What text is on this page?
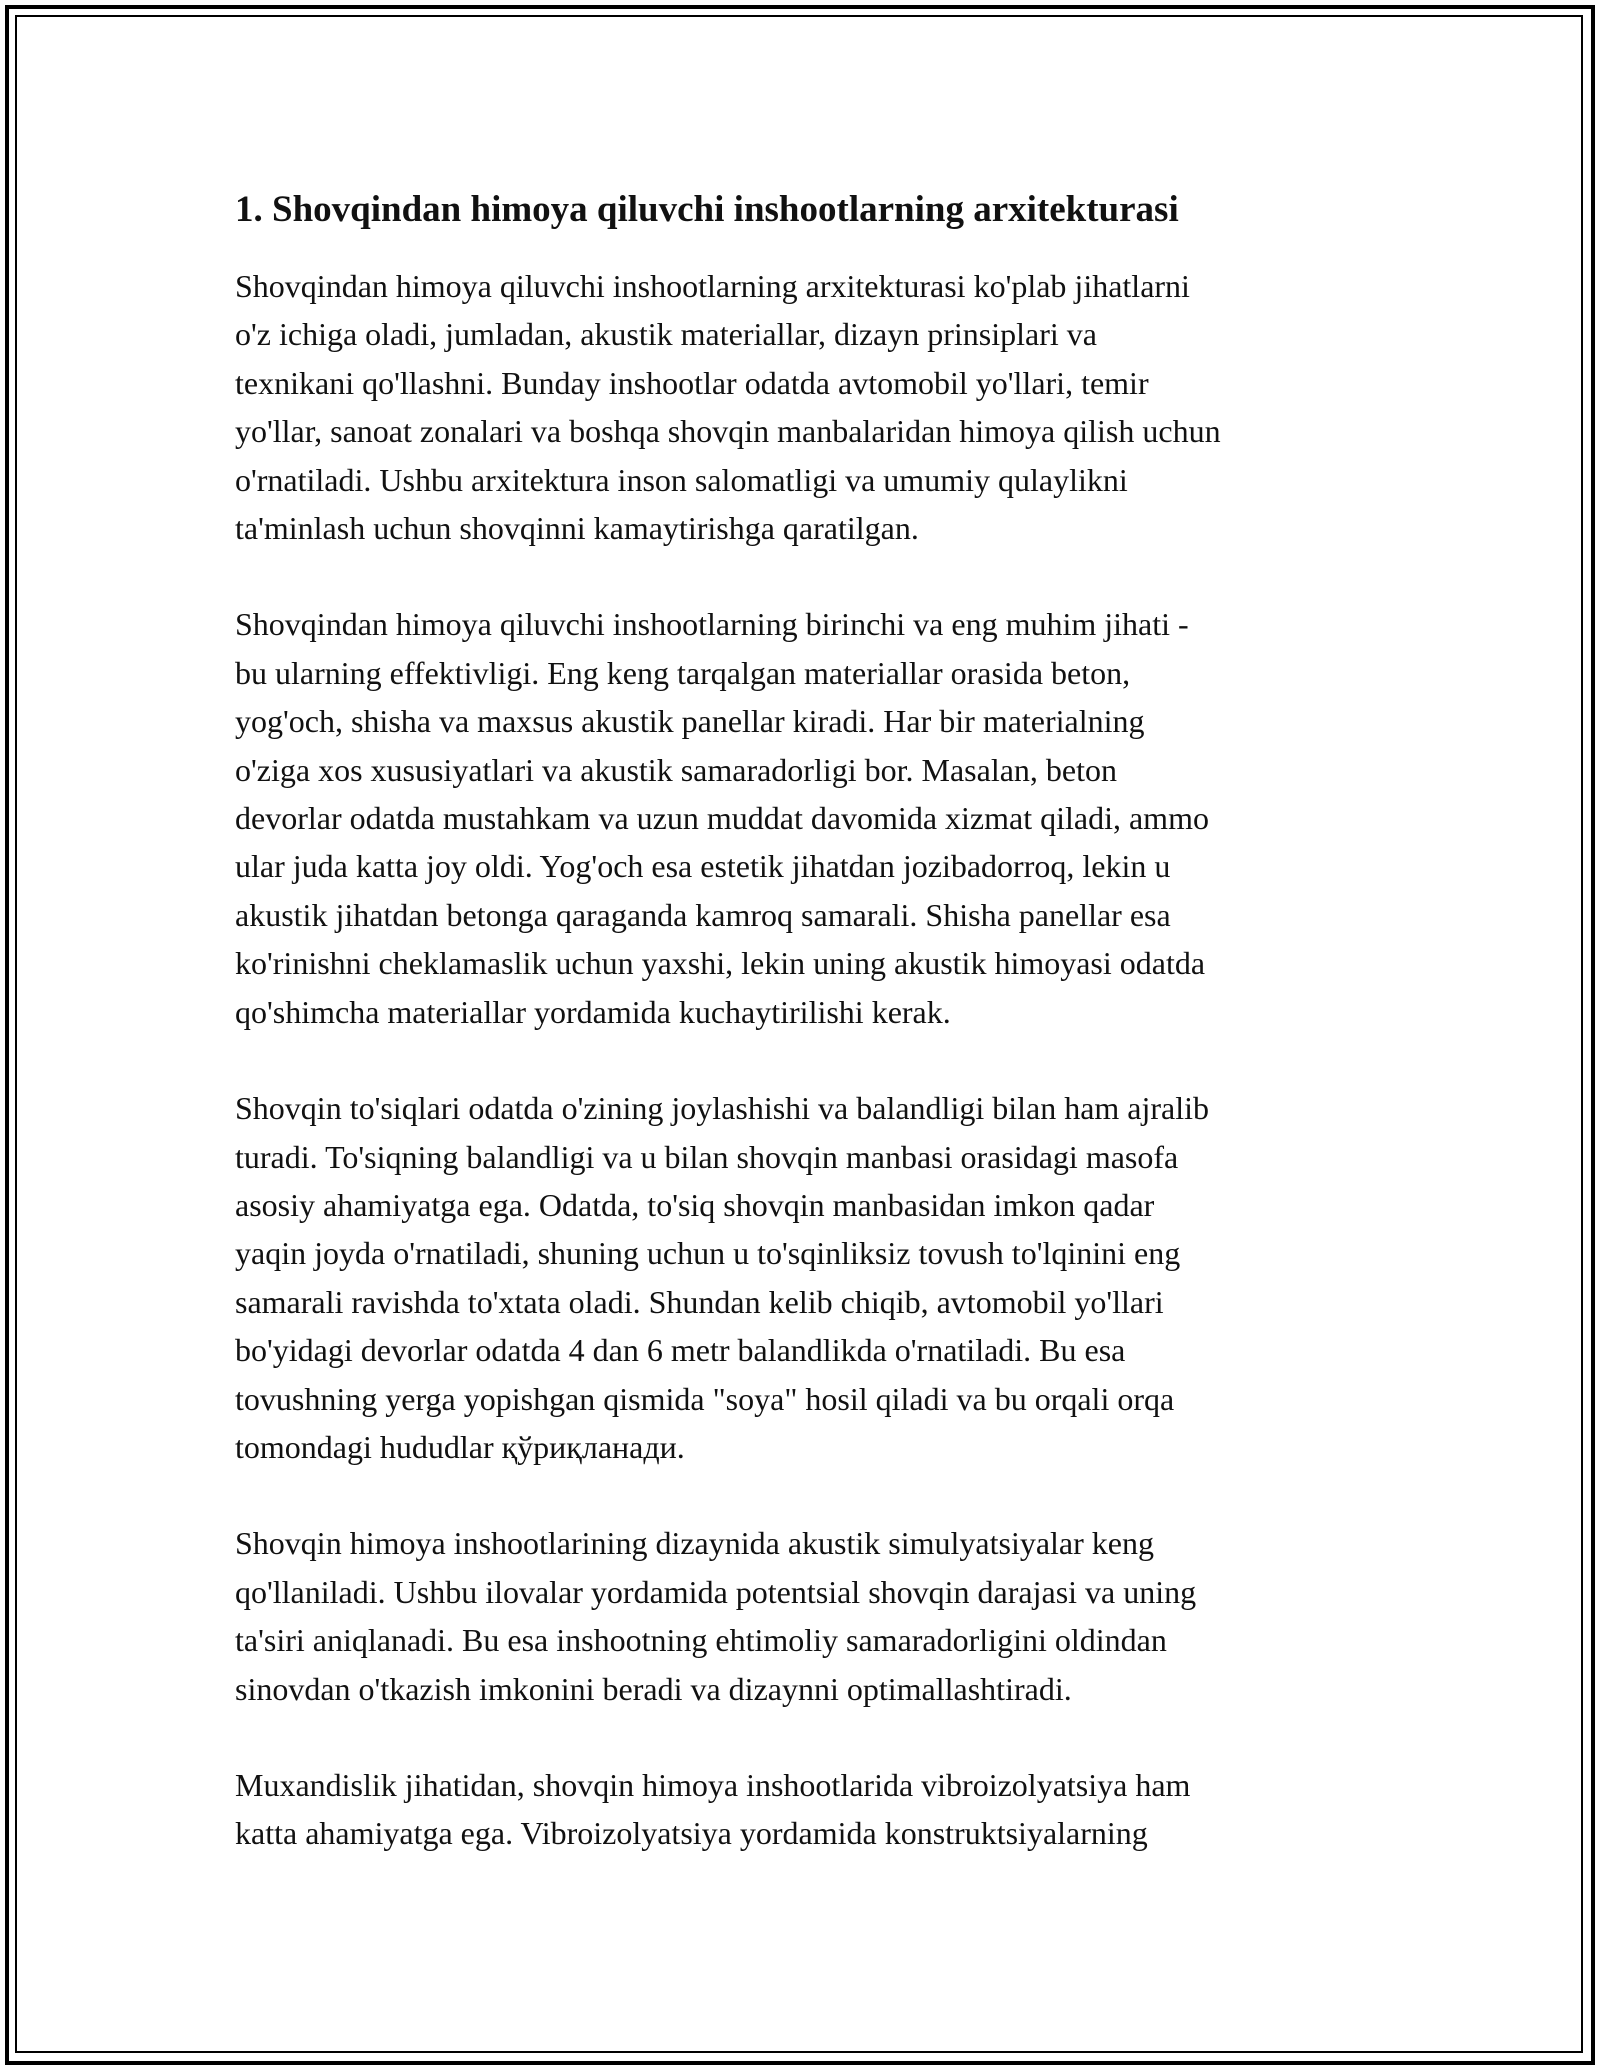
1. Shovqindan himoya qiluvchi inshootlarning arxitekturasi

Shovqindan himoya qiluvchi inshootlarning arxitekturasi ko'plab jihatlarni
o'z ichiga oladi, jumladan, akustik materiallar, dizayn prinsiplari va
texnikani qo'llashni. Bunday inshootlar odatda avtomobil yo'llari, temir
yo'llar, sanoat zonalari va boshqa shovqin manbalaridan himoya qilish uchun
o'rnatiladi. Ushbu arxitektura inson salomatligi va umumiy qulaylikni
ta'minlash uchun shovqinni kamaytirishga qaratilgan.

Shovqindan himoya qiluvchi inshootlarning birinchi va eng muhim jihati -
bu ularning effektivligi. Eng keng tarqalgan materiallar orasida beton,
yog'och, shisha va maxsus akustik panellar kiradi. Har bir materialning
o'ziga xos xususiyatlari va akustik samaradorligi bor. Masalan, beton
devorlar odatda mustahkam va uzun muddat davomida xizmat qiladi, ammo
ular juda katta joy oldi. Yog'och esa estetik jihatdan jozibadorroq, lekin u
akustik jihatdan betonga qaraganda kamroq samarali. Shisha panellar esa
ko'rinishni cheklamaslik uchun yaxshi, lekin uning akustik himoyasi odatda
qo'shimcha materiallar yordamida kuchaytirilishi kerak.

Shovqin to'siqlari odatda o'zining joylashishi va balandligi bilan ham ajralib
turadi. To'siqning balandligi va u bilan shovqin manbasi orasidagi masofa
asosiy ahamiyatga ega. Odatda, to'siq shovqin manbasidan imkon qadar
yaqin joyda o'rnatiladi, shuning uchun u to'sqinliksiz tovush to'lqinini eng
samarali ravishda to'xtata oladi. Shundan kelib chiqib, avtomobil yo'llari
bo'yidagi devorlar odatda 4 dan 6 metr balandlikda o'rnatiladi. Bu esa
tovushning yerga yopishgan qismida "soya" hosil qiladi va bu orqali orqa
tomondagi hududlar қўриқланади.

Shovqin himoya inshootlarining dizaynida akustik simulyatsiyalar keng
qo'llaniladi. Ushbu ilovalar yordamida potentsial shovqin darajasi va uning
ta'siri aniqlanadi. Bu esa inshootning ehtimoliy samaradorligini oldindan
sinovdan o'tkazish imkonini beradi va dizaynni optimallashtiradi.

Muxandislik jihatidan, shovqin himoya inshootlarida vibroizolyatsiya ham
katta ahamiyatga ega. Vibroizolyatsiya yordamida konstruktsiyalarning
